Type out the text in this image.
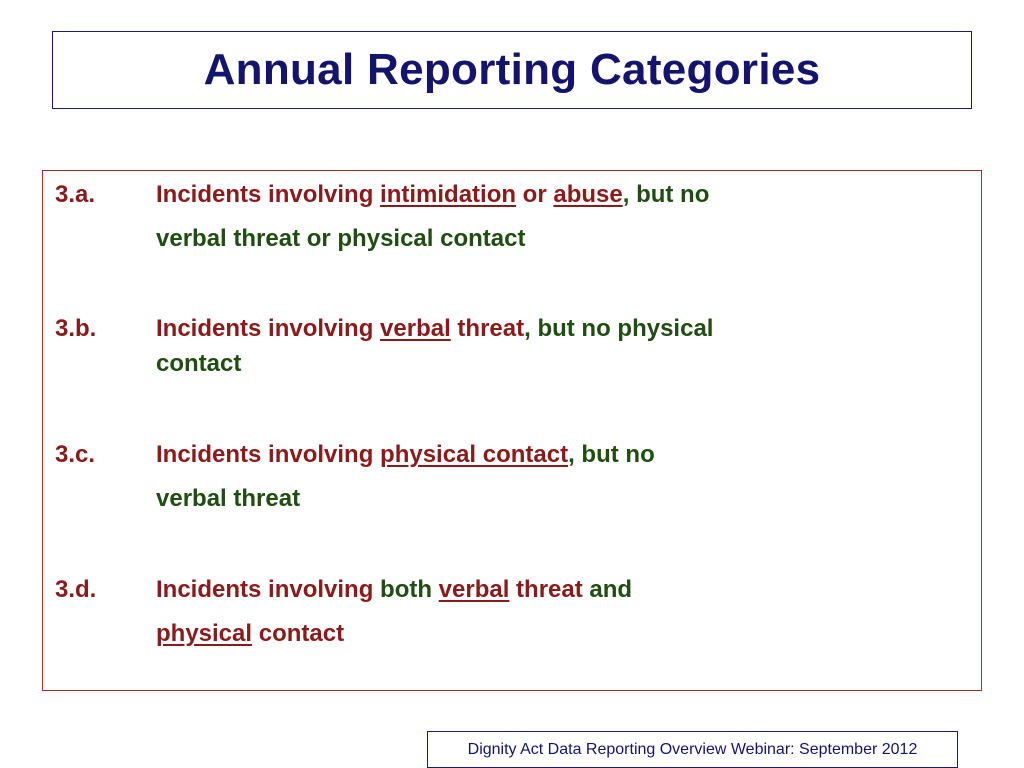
Annual Reporting Categories
3.a.	Incidents involving intimidation or abuse, but no
verbal threat or physical contact
3.b. Incidents involving verbal threat, but no physical
contact
3.c.	Incidents involving physical contact, but no
verbal threat
3.d. Incidents involving both verbal threat and
physical contact
Dignity Act Data Reporting Overview Webinar: September 2012
